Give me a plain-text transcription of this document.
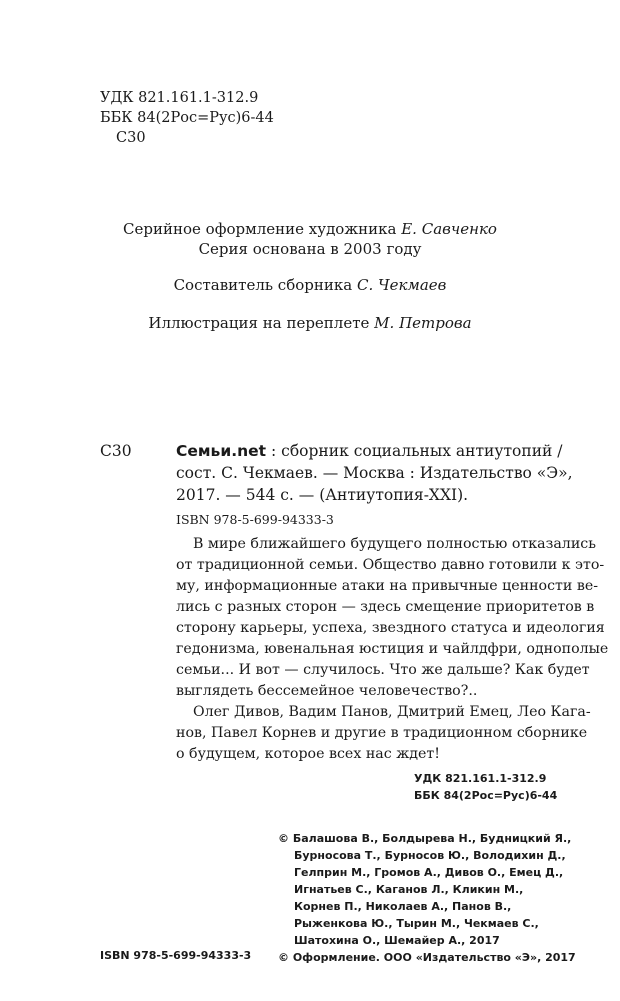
УДК 821.161.1-312.9
ББК 84(2Рос=Рус)6-44
С30
Серийное оформление художника Е. Савченко
Серия основана в 2003 году
Составитель сборника С. Чекмаев
Иллюстрация на переплете М. Петрова
С30	Семьи.net : сборник социальных антиутопий /
сост. С. Чекмаев. — Москва : Издательство «Э»,
2017. — 544 с. — (Антиутопия-XXI).
ISBN 978-5-699-94333-3
В мире ближайшего будущего полностью отказались
от традиционной семьи. Общество давно готовили к это-
му, информационные атаки на привычные ценности ве-
лись с разных сторон — здесь смещение приоритетов в
сторону карьеры, успеха, звездного статуса и идеология
гедонизма, ювенальная юстиция и чайлдфри, однополые
семьи... И вот — случилось. Что же дальше? Как будет
выглядеть бессемейное человечество?..
Олег Дивов, Вадим Панов, Дмитрий Емец, Лео Кага-
нов, Павел Корнев и другие в традиционном сборнике
о будущем, которое всех нас ждет!
УДК 821.161.1-312.9
ББК 84(2Рос=Рус)6-44
© Балашова В., Болдырева Н., Будницкий Я.,
Бурносова Т., Бурносов Ю., Володихин Д.,
Гелприн М., Громов А., Дивов О., Емец Д.,
Игнатьев С., Каганов Л., Кликин М.,
Корнев П., Николаев А., Панов В.,
Рыженкова Ю., Тырин М., Чекмаев С.,
Шатохина О., Шемайер А., 2017
© Оформление. ООО «Издательство «Э», 2017
ISBN 978-5-699-94333-3
